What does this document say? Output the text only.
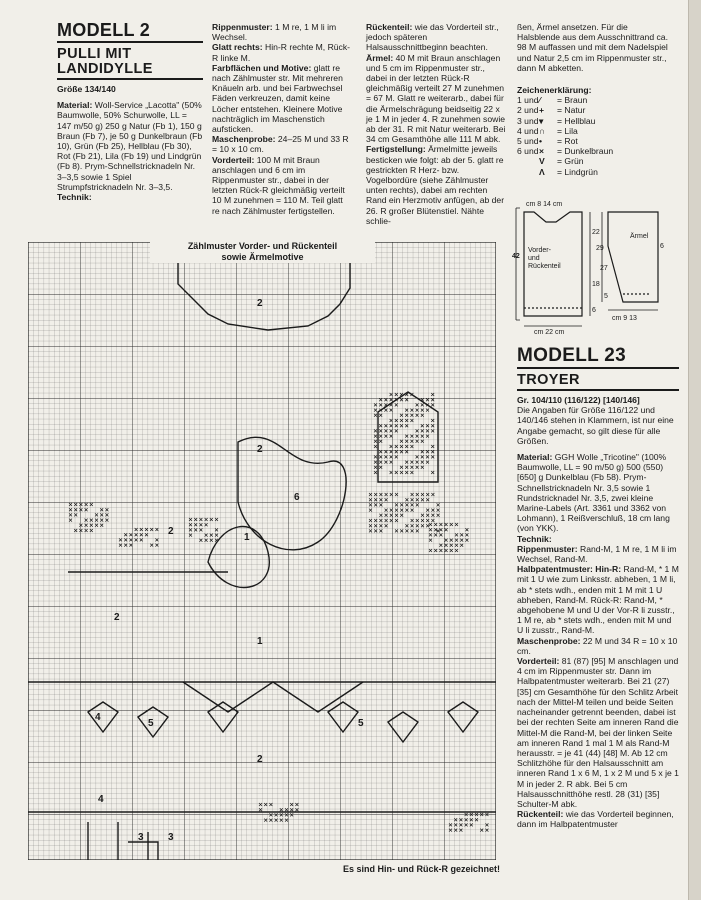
MODELL 2
PULLI MIT
LANDIDYLLE

Größe 134/140

Material: Woll-Service „Lacotta" (50% Baumwolle, 50% Schurwolle, LL = 147 m/50 g) 250 g Natur (Fb 1), 150 g Braun (Fb 7), je 50 g Dunkelbraun (Fb 10), Grün (Fb 25), Hellblau (Fb 30), Rot (Fb 21), Lila (Fb 19) und Lindgrün (Fb 8). Prym-Schnellstricknadeln Nr. 3–3,5 sowie 1 Spiel Strumpfstricknadeln Nr. 3–3,5.

Technik:

Rippenmuster: 1 M re, 1 M li im Wechsel.

Glatt rechts: Hin-R rechte M, Rück-R linke M.

Farbflächen und Motive: glatt re nach Zählmuster str. Mit mehreren Knäueln arb. und bei Farbwechsel Fäden verkreuzen, damit keine Löcher entstehen. Kleinere Motive nachträglich im Maschenstich aufsticken.

Maschenprobe: 24–25 M und 33 R = 10 x 10 cm.

Vorderteil: 100 M mit Braun anschlagen und 6 cm im Rippenmuster str., dabei in der letzten Rück-R gleichmäßig verteilt 10 M zunehmen = 110 M. Teil glatt re nach Zählmuster fertigstellen.

Rückenteil: wie das Vorderteil str., jedoch späteren Halsausschnittbeginn beachten.

Ärmel: 40 M mit Braun anschlagen und 5 cm im Rippenmuster str., dabei in der letzten Rück-R gleichmäßig verteilt 27 M zunehmen = 67 M. Glatt re weiterarb., dabei für die Ärmelschrägung beidseitig 22 x je 1 M in jeder 4. R zunehmen sowie ab der 31. R mit Natur weiterarb. Bei 34 cm Gesamthöhe alle 111 M abk.

Fertigstellung: Ärmelmitte jeweils besticken wie folgt: ab der 5. glatt re gestrickten R Herz- bzw. Vogelbordüre (siehe Zählmuster unten rechts), dabei am rechten Rand ein Herzmotiv anfügen, ab der 26. R großer Blütenstiel. Nähte schlie-

ßen, Ärmel ansetzen. Für die Halsblende aus dem Ausschnittrand ca. 98 M auffassen und mit dem Nadelspiel und Natur 2,5 cm im Rippenmuster str., dann M abketten.

Zeichenerklärung:

1 und ⁄	= Braun
2 und +	= Natur
3 und ▾	= Hellblau
4 und ∩	= Lila
5 und •	= Rot
6 und ×	= Dunkelbraun
V	= Grün
Λ	= Lindgrün
cm 8 14 cm
Ärmel
Vorder-
und
Rückenteil
42
22
29
18
27
5
6
6
cm 22 cm
cm 9 13
MODELL 23
TROYER

Gr. 104/110 (116/122) [140/146]

Die Angaben für Größe 116/122 und 140/146 stehen in Klammern, ist nur eine Angabe gemacht, so gilt diese für alle Größen.

Material: GGH Wolle „Tricotine" (100% Baumwolle, LL = 90 m/50 g) 500 (550) [650] g Dunkelblau (Fb 58). Prym-Schnellstricknadeln Nr. 3,5 sowie 1 Rundstricknadel Nr. 3,5, zwei kleine Marine-Labels (Art. 3361 und 3362 von Lohmann), 1 Reißverschluß, 18 cm lang (von YKK).

Technik:

Rippenmuster: Rand-M, 1 M re, 1 M li im Wechsel, Rand-M.

Halbpatentmuster: Hin-R: Rand-M, * 1 M mit 1 U wie zum Linksstr. abheben, 1 M li, ab * stets wdh., enden mit 1 M mit 1 U abheben, Rand-M. Rück-R: Rand-M, * abgehobene M und U der Vor-R li zusstr., 1 M re, ab * stets wdh., enden mit M und U li zusstr., Rand-M.

Maschenprobe: 22 M und 34 R = 10 x 10 cm.

Vorderteil: 81 (87) [95] M anschlagen und 4 cm im Rippenmuster str. Dann im Halbpatentmuster weiterarb. Bei 21 (27) [35] cm Gesamthöhe für den Schlitz Arbeit nach der Mittel-M teilen und beide Seiten nacheinander getrennt beenden, dabei ist bei der rechten Seite am inneren Rand die Mittel-M die Rand-M, bei der linken Seite am inneren Rand 1 mal 1 M als Rand-M herausstr. = je 41 (44) [48] M. Ab 12 cm Schlitzhöhe für den Halsausschnitt am inneren Rand 1 x 6 M, 1 x 2 M und 5 x je 1 M in jeder 2. R abk. Bei 5 cm Halsausschnitthöhe restl. 28 (31) [35] Schulter-M abk.

Rückenteil: wie das Vorderteil beginnen, dann im Halbpatentmuster

2
2
6
2
1
2
1
4
5	5
2
3 3
4
Zählmuster Vorder- und Rückenteil
sowie Ärmelmotive
Es sind Hin- und Rück-R gezeichnet!
